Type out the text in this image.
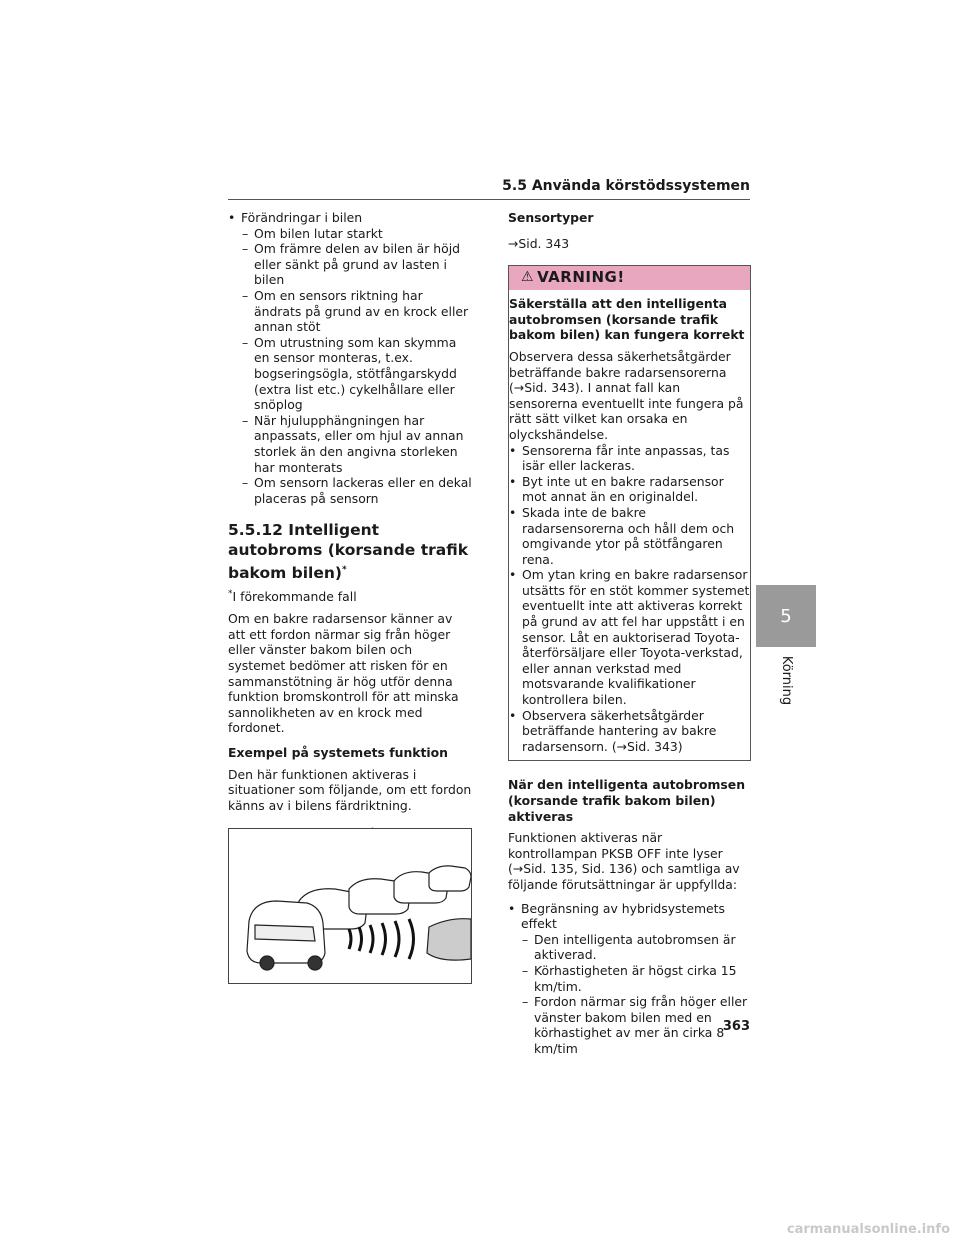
5.5 Använda körstödssystemen

• Förändringar i bilen

– Om bilen lutar starkt

– Om främre delen av bilen är höjd eller sänkt på grund av lasten i bilen

– Om en sensors riktning har ändrats på grund av en krock eller annan stöt

– Om utrustning som kan skymma en sensor monteras, t.ex. bogseringsögla, stötfångarskydd (extra list etc.) cykelhållare eller snöplog

– När hjulupphängningen har anpassats, eller om hjul av annan storlek än den angivna storleken har monterats

– Om sensorn lackeras eller en dekal placeras på sensorn

5.5.12 Intelligent autobroms (korsande trafik bakom bilen)*

*I förekommande fall

Om en bakre radarsensor känner av att ett fordon närmar sig från höger eller vänster bakom bilen och systemet bedömer att risken för en sammanstötning är hög utför denna funktion bromskontroll för att minska sannolikheten av en krock med fordonet.

Exempel på systemets funktion

Den här funktionen aktiveras i situationer som följande, om ett fordon känns av i bilens färdriktning.

Sensortyper

→Sid. 343

⚠ VARNING!

Säkerställa att den intelligenta autobromsen (korsande trafik bakom bilen) kan fungera korrekt

Observera dessa säkerhetsåtgärder beträffande bakre radarsensorerna (→Sid. 343). I annat fall kan sensorerna eventuellt inte fungera på rätt sätt vilket kan orsaka en olyckshändelse.

• Sensorerna får inte anpassas, tas isär eller lackeras.

• Byt inte ut en bakre radarsensor mot annat än en originaldel.

• Skada inte de bakre radarsensorerna och håll dem och omgivande ytor på stötfångaren rena.

• Om ytan kring en bakre radarsensor utsätts för en stöt kommer systemet eventuellt inte att aktiveras korrekt på grund av att fel har uppstått i en sensor. Låt en auktoriserad Toyota-återförsäljare eller Toyota-verkstad, eller annan verkstad med motsvarande kvalifikationer kontrollera bilen.

• Observera säkerhetsåtgärder beträffande hantering av bakre radarsensorn. (→Sid. 343)

När den intelligenta autobromsen (korsande trafik bakom bilen) aktiveras

Funktionen aktiveras när kontrollampan PKSB OFF inte lyser (→Sid. 135, Sid. 136) och samtliga av följande förutsättningar är uppfyllda:

• Begränsning av hybridsystemets effekt

– Den intelligenta autobromsen är aktiverad.

– Körhastigheten är högst cirka 15 km/tim.

– Fordon närmar sig från höger eller vänster bakom bilen med en körhastighet av mer än cirka 8 km/tim

5
Körning
363
carmanualsonline.info
